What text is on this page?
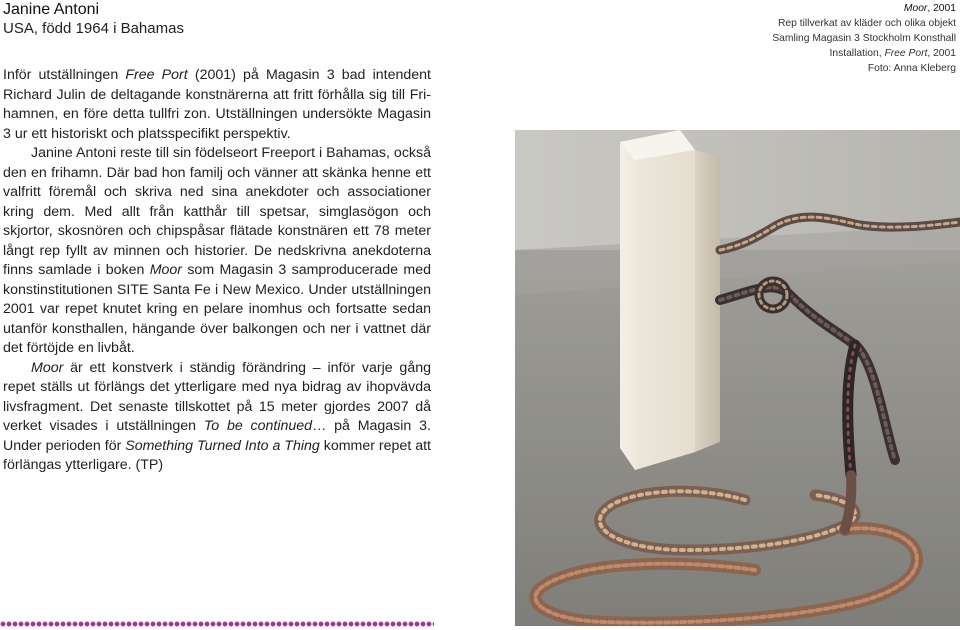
Janine Antoni
USA, född 1964 i Bahamas
Moor, 2001
Rep tillverkat av kläder och olika objekt
Samling Magasin 3 Stockholm Konsthall
Installation, Free Port, 2001
Foto: Anna Kleberg

Inför utställningen Free Port (2001) på Magasin 3 bad intendent Richard Julin de deltagande konstnärerna att fritt förhålla sig till Frihamnen, en före detta tullfri zon. Utställningen undersökte Magasin 3 ur ett historiskt och platsspecifikt perspektiv.

Janine Antoni reste till sin födelseort Freeport i Bahamas, också den en frihamn. Där bad hon familj och vänner att skänka henne ett valfritt föremål och skriva ned sina anekdoter och associationer kring dem. Med allt från katthår till spetsar, simglasögon och skjortor, skosnören och chipspåsar flätade konstnären ett 78 meter långt rep fyllt av minnen och historier. De nedskrivna anekdoterna finns samlade i boken Moor som Magasin 3 samproducerade med konstinstitutionen SITE Santa Fe i New Mexico. Under utställningen 2001 var repet knutet kring en pelare inomhus och fortsatte sedan utanför konsthallen, hängande över balkongen och ner i vattnet där det förtöjde en livbåt.

Moor är ett konstverk i ständig förändring – inför varje gång repet ställs ut förlängs det ytterligare med nya bidrag av ihopvävda livsfragment. Det senaste tillskottet på 15 meter gjordes 2007 då verket visades i utställningen To be continued… på Magasin 3. Under perioden för Something Turned Into a Thing kommer repet att förlängas ytterligare. (TP)
